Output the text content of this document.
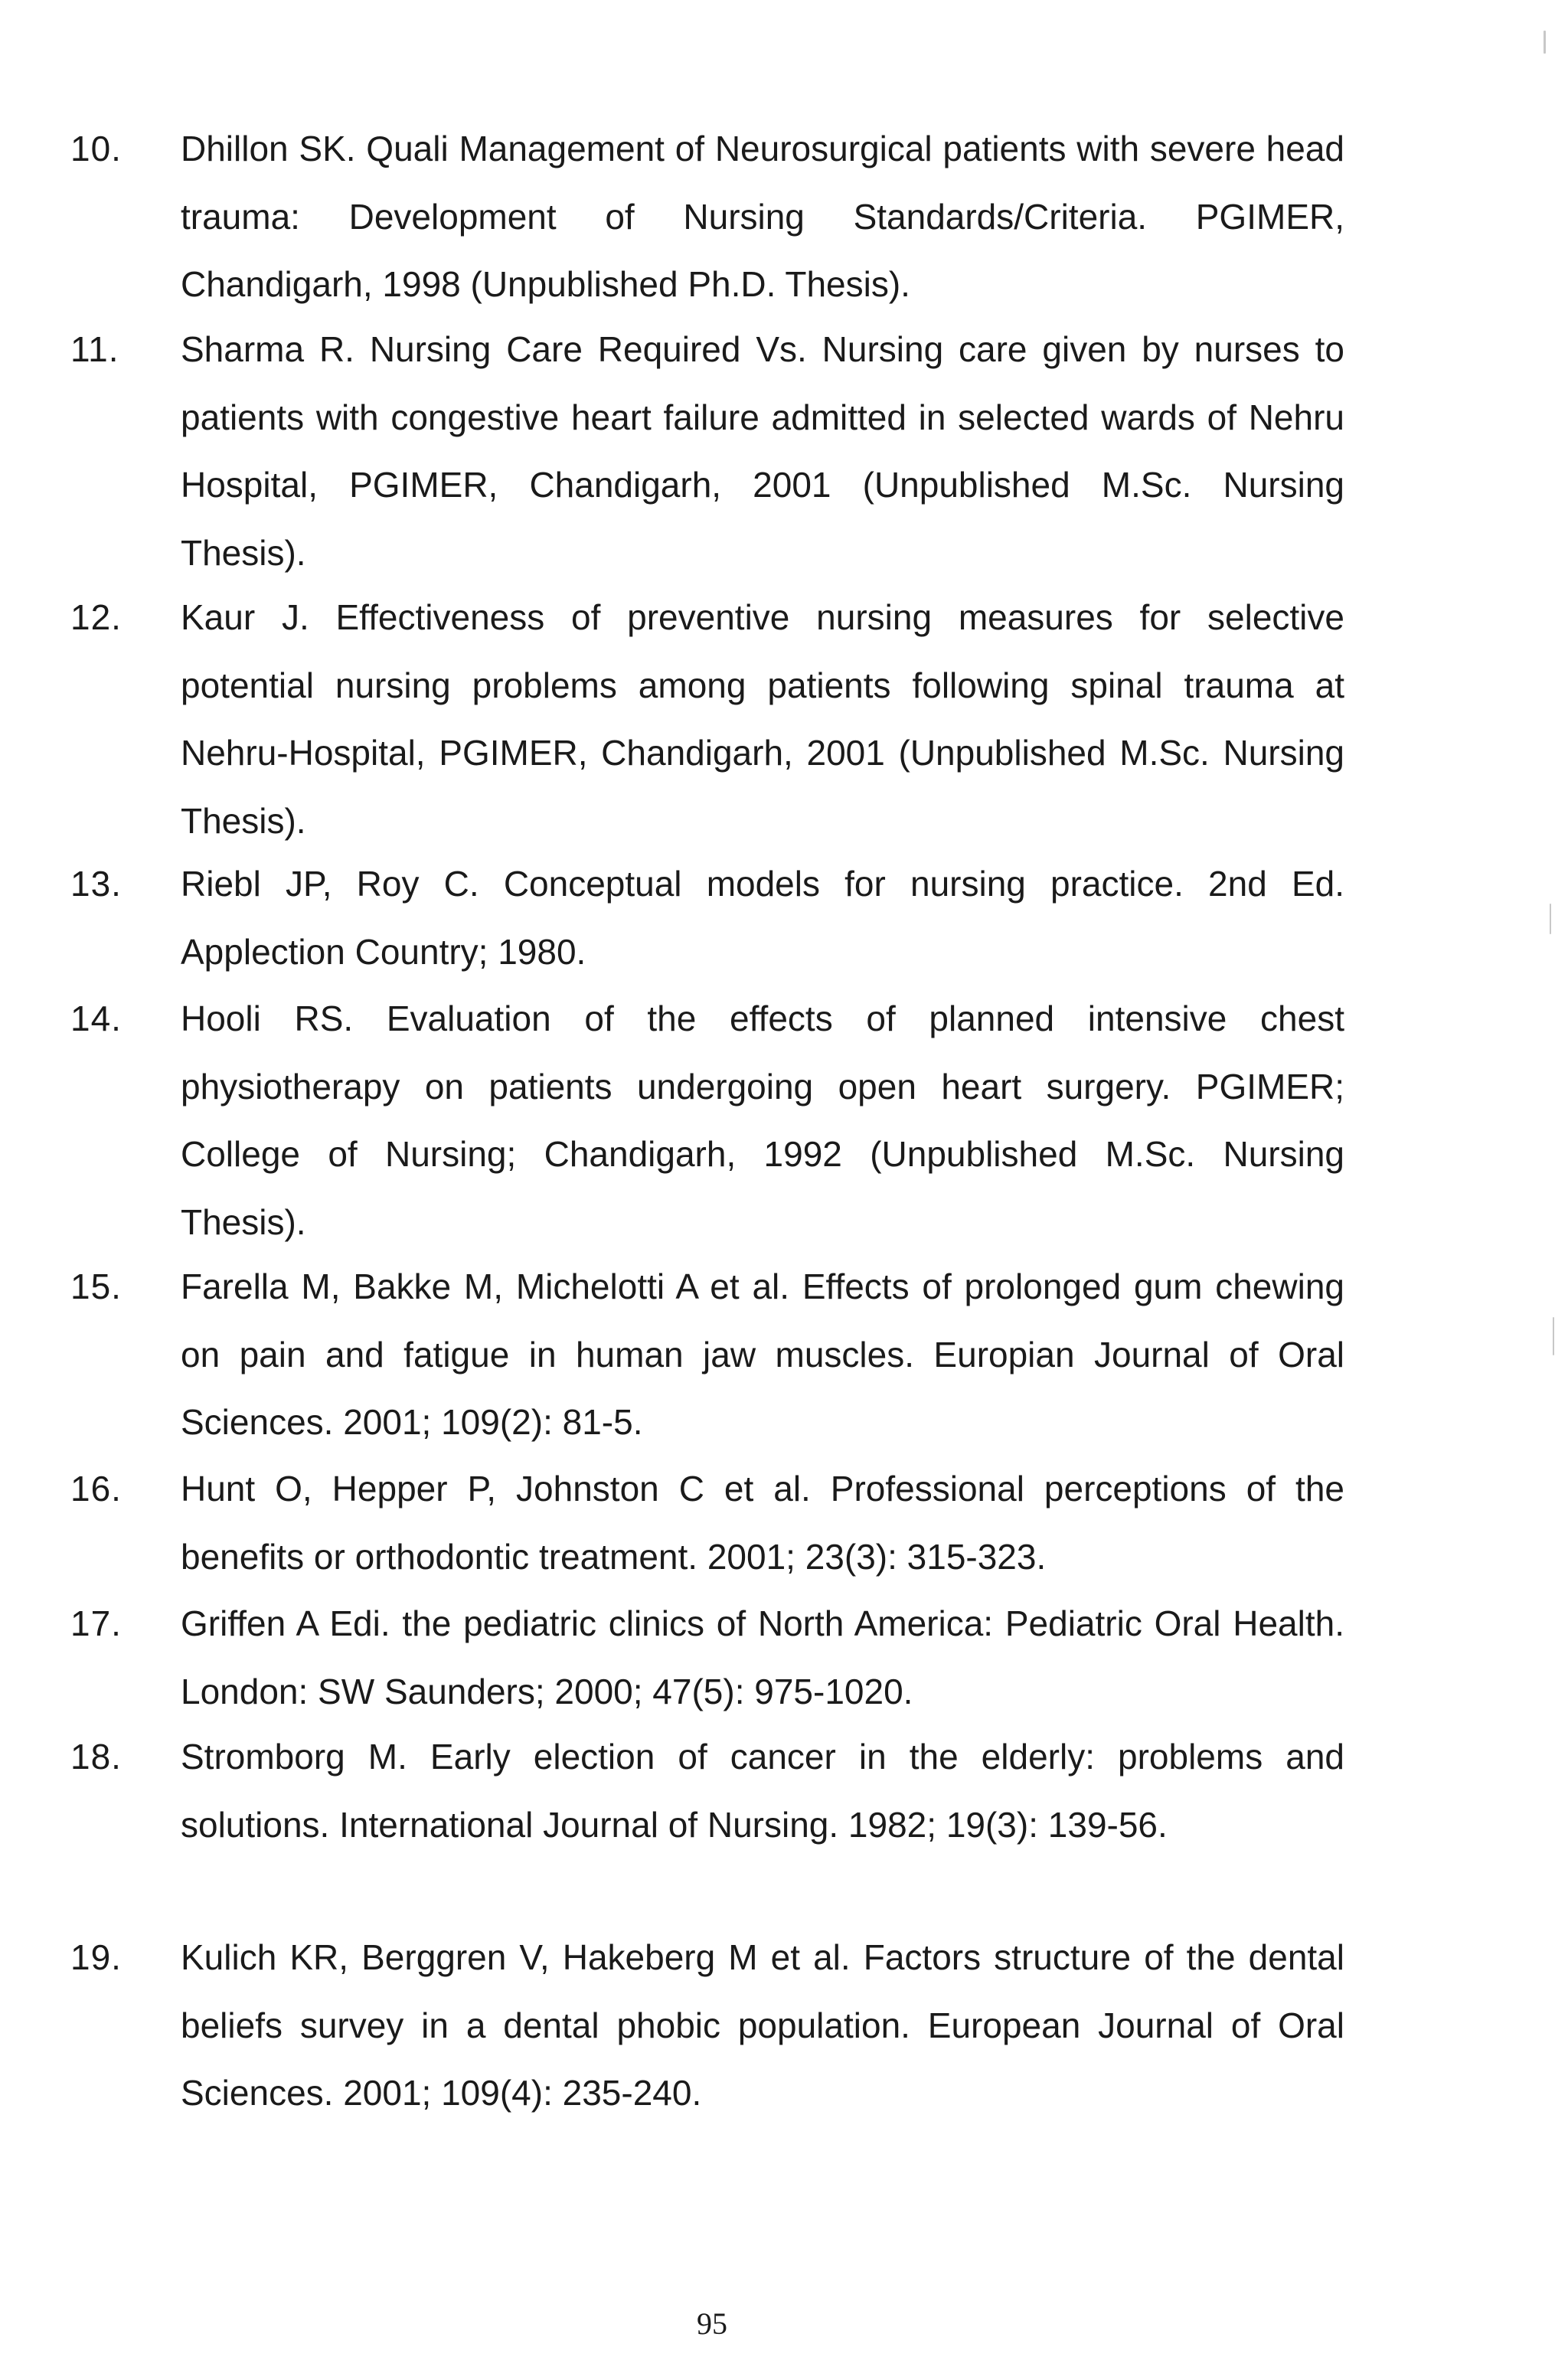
10. Dhillon SK. Quali Management of Neurosurgical patients with severe head trauma: Development of Nursing Standards/Criteria. PGIMER, Chandigarh, 1998 (Unpublished Ph.D. Thesis).
11. Sharma R. Nursing Care Required Vs. Nursing care given by nurses to patients with congestive heart failure admitted in selected wards of Nehru Hospital, PGIMER, Chandigarh, 2001 (Unpublished M.Sc. Nursing Thesis).
12. Kaur J. Effectiveness of preventive nursing measures for selective potential nursing problems among patients following spinal trauma at Nehru-Hospital, PGIMER, Chandigarh, 2001 (Unpublished M.Sc. Nursing Thesis).
13. Riebl JP, Roy C. Conceptual models for nursing practice. 2nd Ed. Applection Country; 1980.
14. Hooli RS. Evaluation of the effects of planned intensive chest physiotherapy on patients undergoing open heart surgery. PGIMER; College of Nursing; Chandigarh, 1992 (Unpublished M.Sc. Nursing Thesis).
15. Farella M, Bakke M, Michelotti A et al. Effects of prolonged gum chewing on pain and fatigue in human jaw muscles. Europian Journal of Oral Sciences. 2001; 109(2): 81-5.
16. Hunt O, Hepper P, Johnston C et al. Professional perceptions of the benefits or orthodontic treatment. 2001; 23(3): 315-323.
17. Griffen A Edi. the pediatric clinics of North America: Pediatric Oral Health. London: SW Saunders; 2000; 47(5): 975-1020.
18. Stromborg M. Early election of cancer in the elderly: problems and solutions. International Journal of Nursing. 1982; 19(3): 139-56.
19. Kulich KR, Berggren V, Hakeberg M et al. Factors structure of the dental beliefs survey in a dental phobic population. European Journal of Oral Sciences. 2001; 109(4): 235-240.
95
